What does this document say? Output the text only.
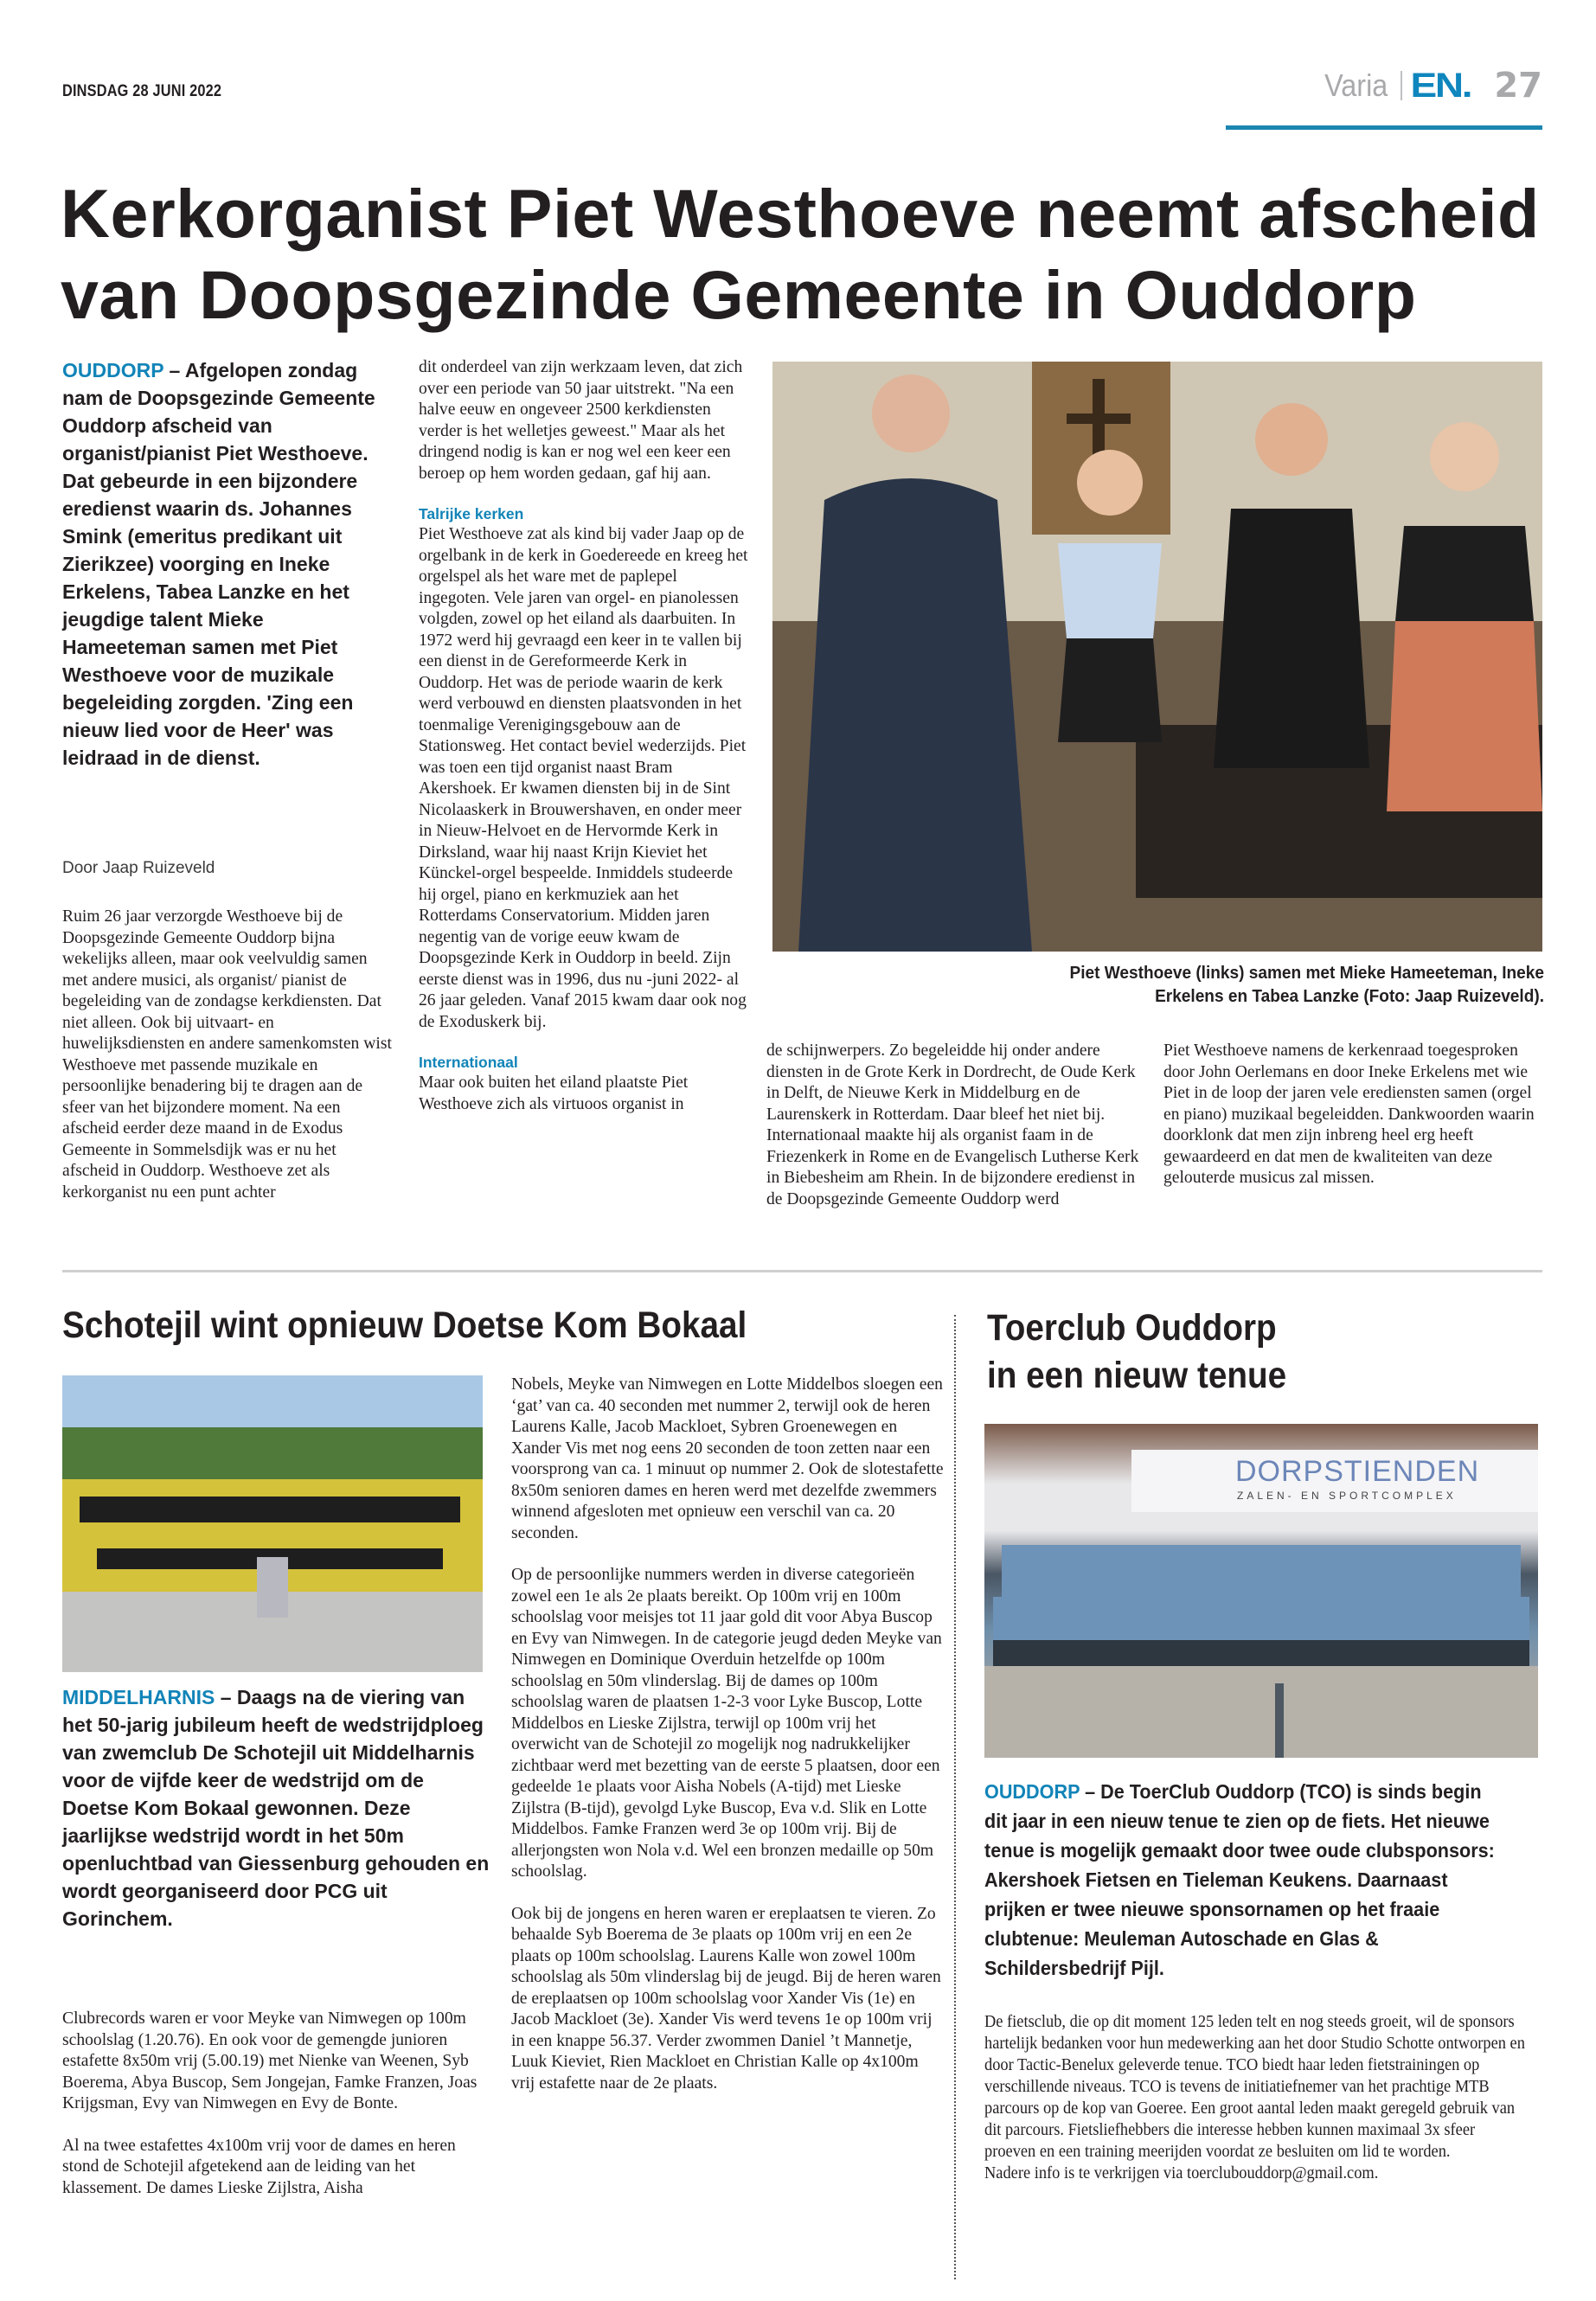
DINSDAG 28 JUNI 2022	Varia EN. 27
Kerkorganist Piet Westhoeve neemt afscheid van Doopsgezinde Gemeente in Ouddorp
OUDDORP – Afgelopen zondag nam de Doopsgezinde Gemeente Ouddorp afscheid van organist/pianist Piet Westhoeve. Dat gebeurde in een bijzondere eredienst waarin ds. Johannes Smink (emeritus predikant uit Zierikzee) voorging en Ineke Erkelens, Tabea Lanzke en het jeugdige talent Mieke Hameeteman samen met Piet Westhoeve voor de muzikale begeleiding zorgden. 'Zing een nieuw lied voor de Heer' was leidraad in de dienst.
Door Jaap Ruizeveld

Ruim 26 jaar verzorgde Westhoeve bij de Doopsgezinde Gemeente Ouddorp bijna wekelijks alleen, maar ook veelvuldig samen met andere musici, als organist/ pianist de begeleiding van de zondagse kerkdiensten. Dat niet alleen. Ook bij uitvaart- en huwelijksdiensten en andere samenkomsten wist Westhoeve met passende muzikale en persoonlijke benadering bij te dragen aan de sfeer van het bijzondere moment. Na een afscheid eerder deze maand in de Exodus Gemeente in Sommelsdijk was er nu het afscheid in Ouddorp. Westhoeve zet als kerkorganist nu een punt achter

dit onderdeel van zijn werkzaam leven, dat zich over een periode van 50 jaar uitstrekt. "Na een halve eeuw en ongeveer 2500 kerkdiensten verder is het welletjes geweest." Maar als het dringend nodig is kan er nog wel een keer een beroep op hem worden gedaan, gaf hij aan.

Talrijke kerken

Piet Westhoeve zat als kind bij vader Jaap op de orgelbank in de kerk in Goedereede en kreeg het orgelspel als het ware met de paplepel ingegoten. Vele jaren van orgel- en pianolessen volgden, zowel op het eiland als daarbuiten. In 1972 werd hij gevraagd een keer in te vallen bij een dienst in de Gereformeerde Kerk in Ouddorp. Het was de periode waarin de kerk werd verbouwd en diensten plaatsvonden in het toenmalige Verenigingsgebouw aan de Stationsweg. Het contact beviel wederzijds. Piet was toen een tijd organist naast Bram Akershoek. Er kwamen diensten bij in de Sint Nicolaaskerk in Brouwershaven, en onder meer in Nieuw-Helvoet en de Hervormde Kerk in Dirksland, waar hij naast Krijn Kieviet het Künckel-orgel bespeelde. Inmiddels studeerde hij orgel, piano en kerkmuziek aan het Rotterdams Conservatorium. Midden jaren negentig van de vorige eeuw kwam de Doopsgezinde Kerk in Ouddorp in beeld. Zijn eerste dienst was in 1996, dus nu -juni 2022- al 26 jaar geleden. Vanaf 2015 kwam daar ook nog de Exoduskerk bij.

Internationaal

Maar ook buiten het eiland plaatste Piet Westhoeve zich als virtuoos organist in

Piet Westhoeve (links) samen met Mieke Hameeteman, Ineke Erkelens en Tabea Lanzke (Foto: Jaap Ruizeveld).

de schijnwerpers. Zo begeleidde hij onder andere diensten in de Grote Kerk in Dordrecht, de Oude Kerk in Delft, de Nieuwe Kerk in Middelburg en de Laurenskerk in Rotterdam. Daar bleef het niet bij. Internationaal maakte hij als organist faam in de Friezenkerk in Rome en de Evangelisch Lutherse Kerk in Biebesheim am Rhein. In de bijzondere eredienst in de Doopsgezinde Gemeente Ouddorp werd

Piet Westhoeve namens de kerkenraad toegesproken door John Oerlemans en door Ineke Erkelens met wie Piet in de loop der jaren vele erediensten samen (orgel en piano) muzikaal begeleidden. Dankwoorden waarin doorklonk dat men zijn inbreng heel erg heeft gewaardeerd en dat men de kwaliteiten van deze gelouterde musicus zal missen.

Schotejil wint opnieuw Doetse Kom Bokaal
MIDDELHARNIS – Daags na de viering van het 50-jarig jubileum heeft de wedstrijdploeg van zwemclub De Schotejil uit Middelharnis voor de vijfde keer de wedstrijd om de Doetse Kom Bokaal gewonnen. Deze jaarlijkse wedstrijd wordt in het 50m openluchtbad van Giessenburg gehouden en wordt georganiseerd door PCG uit Gorinchem.

Clubrecords waren er voor Meyke van Nimwegen op 100m schoolslag (1.20.76). En ook voor de gemengde junioren estafette 8x50m vrij (5.00.19) met Nienke van Weenen, Syb Boerema, Abya Buscop, Sem Jongejan, Famke Franzen, Joas Krijgsman, Evy van Nimwegen en Evy de Bonte.

Al na twee estafettes 4x100m vrij voor de dames en heren stond de Schotejil afgetekend aan de leiding van het klassement. De dames Lieske Zijlstra, Aisha

Nobels, Meyke van Nimwegen en Lotte Middelbos sloegen een ‘gat’ van ca. 40 seconden met nummer 2, terwijl ook de heren Laurens Kalle, Jacob Mackloet, Sybren Groenewegen en Xander Vis met nog eens 20 seconden de toon zetten naar een voorsprong van ca. 1 minuut op nummer 2. Ook de slotestafette 8x50m senioren dames en heren werd met dezelfde zwemmers winnend afgesloten met opnieuw een verschil van ca. 20 seconden.

Op de persoonlijke nummers werden in diverse categorieën zowel een 1e als 2e plaats bereikt. Op 100m vrij en 100m schoolslag voor meisjes tot 11 jaar gold dit voor Abya Buscop en Evy van Nimwegen. In de categorie jeugd deden Meyke van Nimwegen en Dominique Overduin hetzelfde op 100m schoolslag en 50m vlinderslag. Bij de dames op 100m schoolslag waren de plaatsen 1-2-3 voor Lyke Buscop, Lotte Middelbos en Lieske Zijlstra, terwijl op 100m vrij het overwicht van de Schotejil zo mogelijk nog nadrukkelijker zichtbaar werd met bezetting van de eerste 5 plaatsen, door een gedeelde 1e plaats voor Aisha Nobels (A-tijd) met Lieske Zijlstra (B-tijd), gevolgd Lyke Buscop, Eva v.d. Slik en Lotte Middelbos. Famke Franzen werd 3e op 100m vrij. Bij de allerjongsten won Nola v.d. Wel een bronzen medaille op 50m schoolslag.

Ook bij de jongens en heren waren er ereplaatsen te vieren. Zo behaalde Syb Boerema de 3e plaats op 100m vrij en een 2e plaats op 100m schoolslag. Laurens Kalle won zowel 100m schoolslag als 50m vlinderslag bij de jeugd. Bij de heren waren de ereplaatsen op 100m schoolslag voor Xander Vis (1e) en Jacob Mackloet (3e). Xander Vis werd tevens 1e op 100m vrij in een knappe 56.37. Verder zwommen Daniel ’t Mannetje, Luuk Kieviet, Rien Mackloet en Christian Kalle op 4x100m vrij estafette naar de 2e plaats.

Toerclub Ouddorp
in een nieuw tenue
DORPSTIENDEN
ZALEN- EN SPORTCOMPLEX
OUDDORP – De ToerClub Ouddorp (TCO) is sinds begin dit jaar in een nieuw tenue te zien op de fiets. Het nieuwe tenue is mogelijk gemaakt door twee oude clubsponsors: Akershoek Fietsen en Tieleman Keukens. Daarnaast prijken er twee nieuwe sponsornamen op het fraaie clubtenue: Meuleman Autoschade en Glas & Schildersbedrijf Pijl.

De fietsclub, die op dit moment 125 leden telt en nog steeds groeit, wil de sponsors hartelijk bedanken voor hun medewerking aan het door Studio Schotte ontworpen en door Tactic-Benelux geleverde tenue. TCO biedt haar leden fietstrainingen op verschillende niveaus. TCO is tevens de initiatiefnemer van het prachtige MTB parcours op de kop van Goeree. Een groot aantal leden maakt geregeld gebruik van dit parcours. Fietsliefhebbers die interesse hebben kunnen maximaal 3x sfeer proeven en een training meerijden voordat ze besluiten om lid te worden.

Nadere info is te verkrijgen via toerclubouddorp@gmail.com.
